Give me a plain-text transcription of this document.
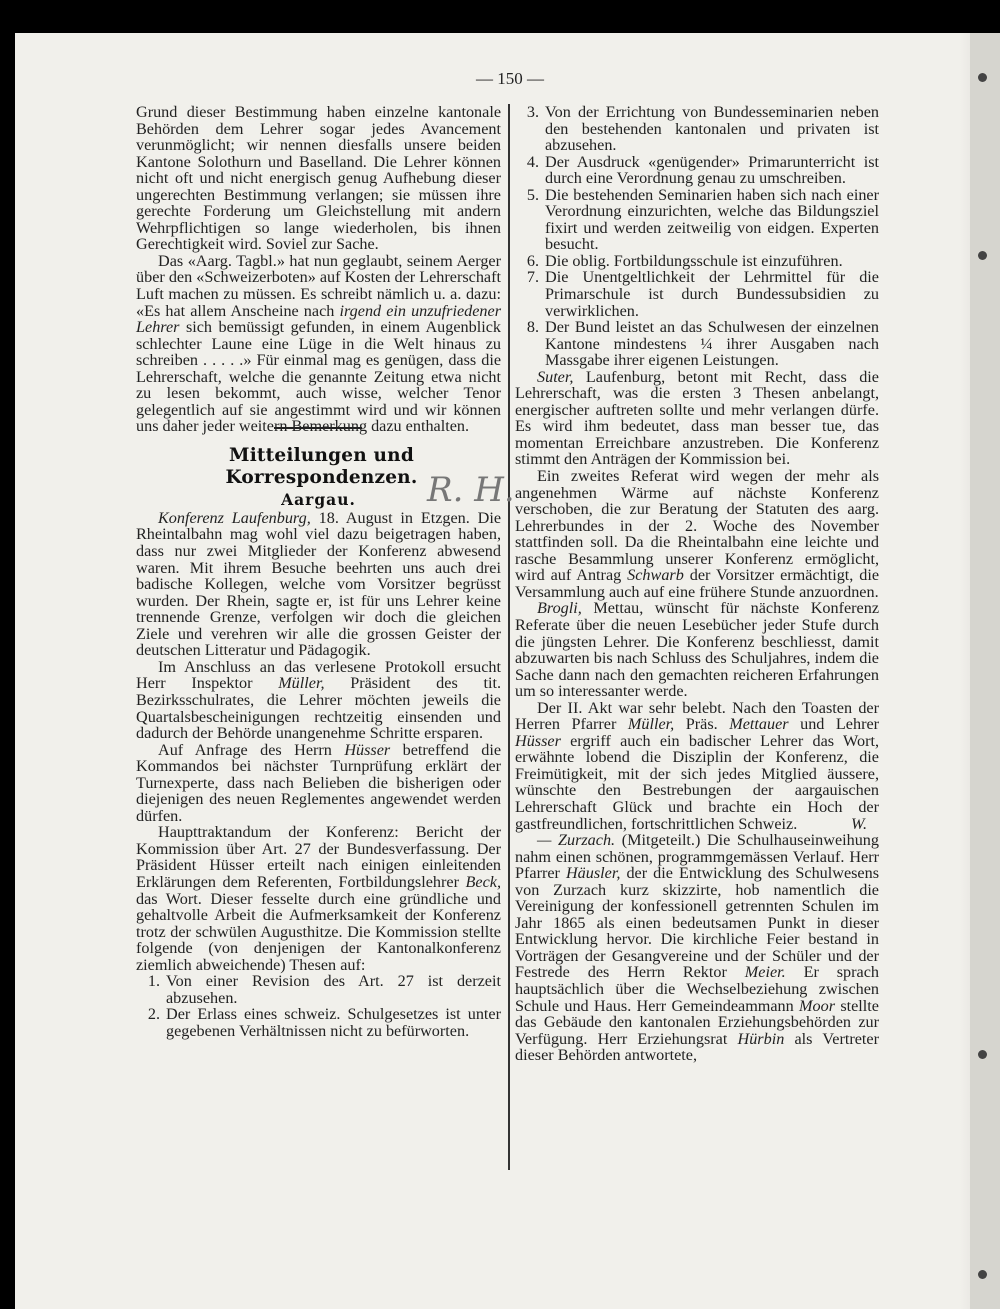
— 150 —
R. H.

Grund dieser Bestimmung haben einzelne kantonale Behörden dem Lehrer sogar jedes Avancement verunmöglicht; wir nennen diesfalls unsere beiden Kantone Solothurn und Baselland. Die Lehrer können nicht oft und nicht energisch genug Aufhebung dieser ungerechten Bestimmung verlangen; sie müssen ihre gerechte Forderung um Gleichstellung mit andern Wehrpflichtigen so lange wiederholen, bis ihnen Gerechtigkeit wird. Soviel zur Sache.

Das «Aarg. Tagbl.» hat nun geglaubt, seinem Aerger über den «Schweizerboten» auf Kosten der Lehrerschaft Luft machen zu müssen. Es schreibt nämlich u. a. dazu: «Es hat allem Anscheine nach irgend ein unzufriedener Lehrer sich bemüssigt gefunden, in einem Augenblick schlechter Laune eine Lüge in die Welt hinaus zu schreiben . . . . .» Für einmal mag es genügen, dass die Lehrerschaft, welche die genannte Zeitung etwa nicht zu lesen bekommt, auch wisse, welcher Tenor gelegentlich auf sie angestimmt wird und wir können uns daher jeder weitern Bemerkung dazu enthalten.

Mitteilungen und Korrespondenzen.
Aargau.

Konferenz Laufenburg, 18. August in Etzgen. Die Rheintalbahn mag wohl viel dazu beigetragen haben, dass nur zwei Mitglieder der Konferenz abwesend waren. Mit ihrem Besuche beehrten uns auch drei badische Kollegen, welche vom Vorsitzer begrüsst wurden. Der Rhein, sagte er, ist für uns Lehrer keine trennende Grenze, verfolgen wir doch die gleichen Ziele und verehren wir alle die grossen Geister der deutschen Litteratur und Pädagogik.

Im Anschluss an das verlesene Protokoll ersucht Herr Inspektor Müller, Präsident des tit. Bezirksschulrates, die Lehrer möchten jeweils die Quartalsbescheinigungen rechtzeitig einsenden und dadurch der Behörde unangenehme Schritte ersparen.

Auf Anfrage des Herrn Hüsser betreffend die Kommandos bei nächster Turnprüfung erklärt der Turnexperte, dass nach Belieben die bisherigen oder diejenigen des neuen Reglementes angewendet werden dürfen.

Haupttraktandum der Konferenz: Bericht der Kommission über Art. 27 der Bundesverfassung. Der Präsident Hüsser erteilt nach einigen einleitenden Erklärungen dem Referenten, Fortbildungslehrer Beck, das Wort. Dieser fesselte durch eine gründliche und gehaltvolle Arbeit die Aufmerksamkeit der Konferenz trotz der schwülen Augusthitze. Die Kommission stellte folgende (von denjenigen der Kantonalkonferenz ziemlich abweichende) Thesen auf:

1. Von einer Revision des Art. 27 ist derzeit abzusehen.
2. Der Erlass eines schweiz. Schulgesetzes ist unter gegebenen Verhältnissen nicht zu befürworten.
3. Von der Errichtung von Bundesseminarien neben den bestehenden kantonalen und privaten ist abzusehen.
4. Der Ausdruck «genügender» Primarunterricht ist durch eine Verordnung genau zu umschreiben.
5. Die bestehenden Seminarien haben sich nach einer Verordnung einzurichten, welche das Bildungsziel fixirt und werden zeitweilig von eidgen. Experten besucht.
6. Die oblig. Fortbildungsschule ist einzuführen.
7. Die Unentgeltlichkeit der Lehrmittel für die Primarschule ist durch Bundessubsidien zu verwirklichen.
8. Der Bund leistet an das Schulwesen der einzelnen Kantone mindestens ¼ ihrer Ausgaben nach Massgabe ihrer eigenen Leistungen.

Suter, Laufenburg, betont mit Recht, dass die Lehrerschaft, was die ersten 3 Thesen anbelangt, energischer auftreten sollte und mehr verlangen dürfe. Es wird ihm bedeutet, dass man besser tue, das momentan Erreichbare anzustreben. Die Konferenz stimmt den Anträgen der Kommission bei.

Ein zweites Referat wird wegen der mehr als angenehmen Wärme auf nächste Konferenz verschoben, die zur Beratung der Statuten des aarg. Lehrerbundes in der 2. Woche des November stattfinden soll. Da die Rheintalbahn eine leichte und rasche Besammlung unserer Konferenz ermöglicht, wird auf Antrag Schwarb der Vorsitzer ermächtigt, die Versammlung auch auf eine frühere Stunde anzuordnen.

Brogli, Mettau, wünscht für nächste Konferenz Referate über die neuen Lesebücher jeder Stufe durch die jüngsten Lehrer. Die Konferenz beschliesst, damit abzuwarten bis nach Schluss des Schuljahres, indem die Sache dann nach den gemachten reicheren Erfahrungen um so interessanter werde.

Der II. Akt war sehr belebt. Nach den Toasten der Herren Pfarrer Müller, Präs. Mettauer und Lehrer Hüsser ergriff auch ein badischer Lehrer das Wort, erwähnte lobend die Disziplin der Konferenz, die Freimütigkeit, mit der sich jedes Mitglied äussere, wünschte den Bestrebungen der aargauischen Lehrerschaft Glück und brachte ein Hoch der gastfreundlichen, fortschrittlichen Schweiz.	W.

— Zurzach. (Mitgeteilt.) Die Schulhauseinweihung nahm einen schönen, programmgemässen Verlauf. Herr Pfarrer Häusler, der die Entwicklung des Schulwesens von Zurzach kurz skizzirte, hob namentlich die Vereinigung der konfessionell getrennten Schulen im Jahr 1865 als einen bedeutsamen Punkt in dieser Entwicklung hervor. Die kirchliche Feier bestand in Vorträgen der Gesangvereine und der Schüler und der Festrede des Herrn Rektor Meier. Er sprach hauptsächlich über die Wechselbeziehung zwischen Schule und Haus. Herr Gemeindeammann Moor stellte das Gebäude den kantonalen Erziehungsbehörden zur Verfügung. Herr Erziehungsrat Hürbin als Vertreter dieser Behörden antwortete,
